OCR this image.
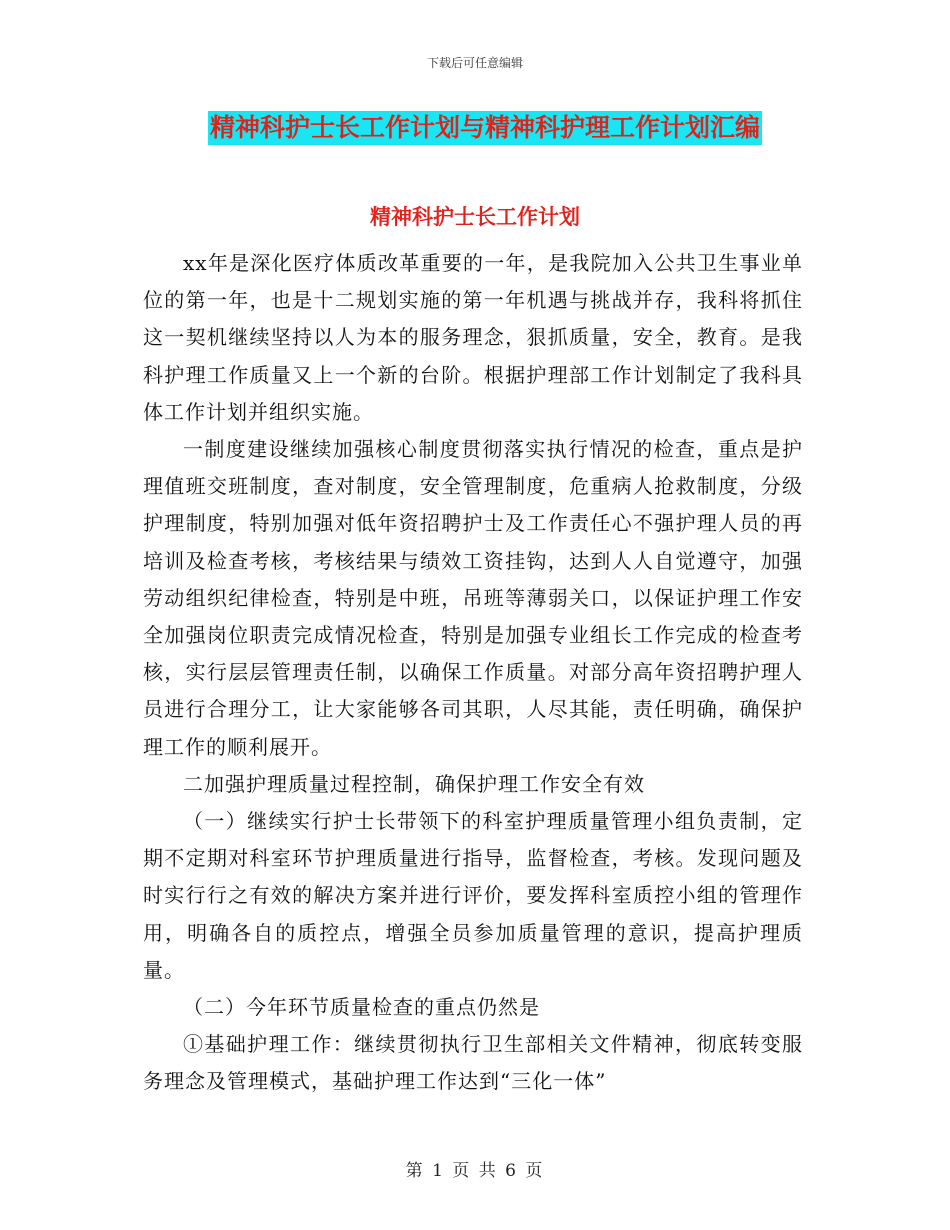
下载后可任意编辑
精神科护士长工作计划与精神科护理工作计划汇编
精神科护士长工作计划

xx年是深化医疗体质改革重要的一年，是我院加入公共卫生事业单位的第一年，也是十二规划实施的第一年机遇与挑战并存，我科将抓住这一契机继续坚持以人为本的服务理念，狠抓质量，安全，教育。是我科护理工作质量又上一个新的台阶。根据护理部工作计划制定了我科具体工作计划并组织实施。

一制度建设继续加强核心制度贯彻落实执行情况的检查，重点是护理值班交班制度，查对制度，安全管理制度，危重病人抢救制度，分级护理制度，特别加强对低年资招聘护士及工作责任心不强护理人员的再培训及检查考核，考核结果与绩效工资挂钩，达到人人自觉遵守，加强劳动组织纪律检查，特别是中班，吊班等薄弱关口，以保证护理工作安全加强岗位职责完成情况检查，特别是加强专业组长工作完成的检查考核，实行层层管理责任制，以确保工作质量。对部分高年资招聘护理人员进行合理分工，让大家能够各司其职，人尽其能，责任明确，确保护理工作的顺利展开。

二加强护理质量过程控制，确保护理工作安全有效

（一）继续实行护士长带领下的科室护理质量管理小组负责制，定期不定期对科室环节护理质量进行指导，监督检查，考核。发现问题及时实行行之有效的解决方案并进行评价，要发挥科室质控小组的管理作用，明确各自的质控点，增强全员参加质量管理的意识，提高护理质量。

（二）今年环节质量检查的重点仍然是

①基础护理工作：继续贯彻执行卫生部相关文件精神，彻底转变服务理念及管理模式，基础护理工作达到“三化一体”

第 1 页 共 6 页
